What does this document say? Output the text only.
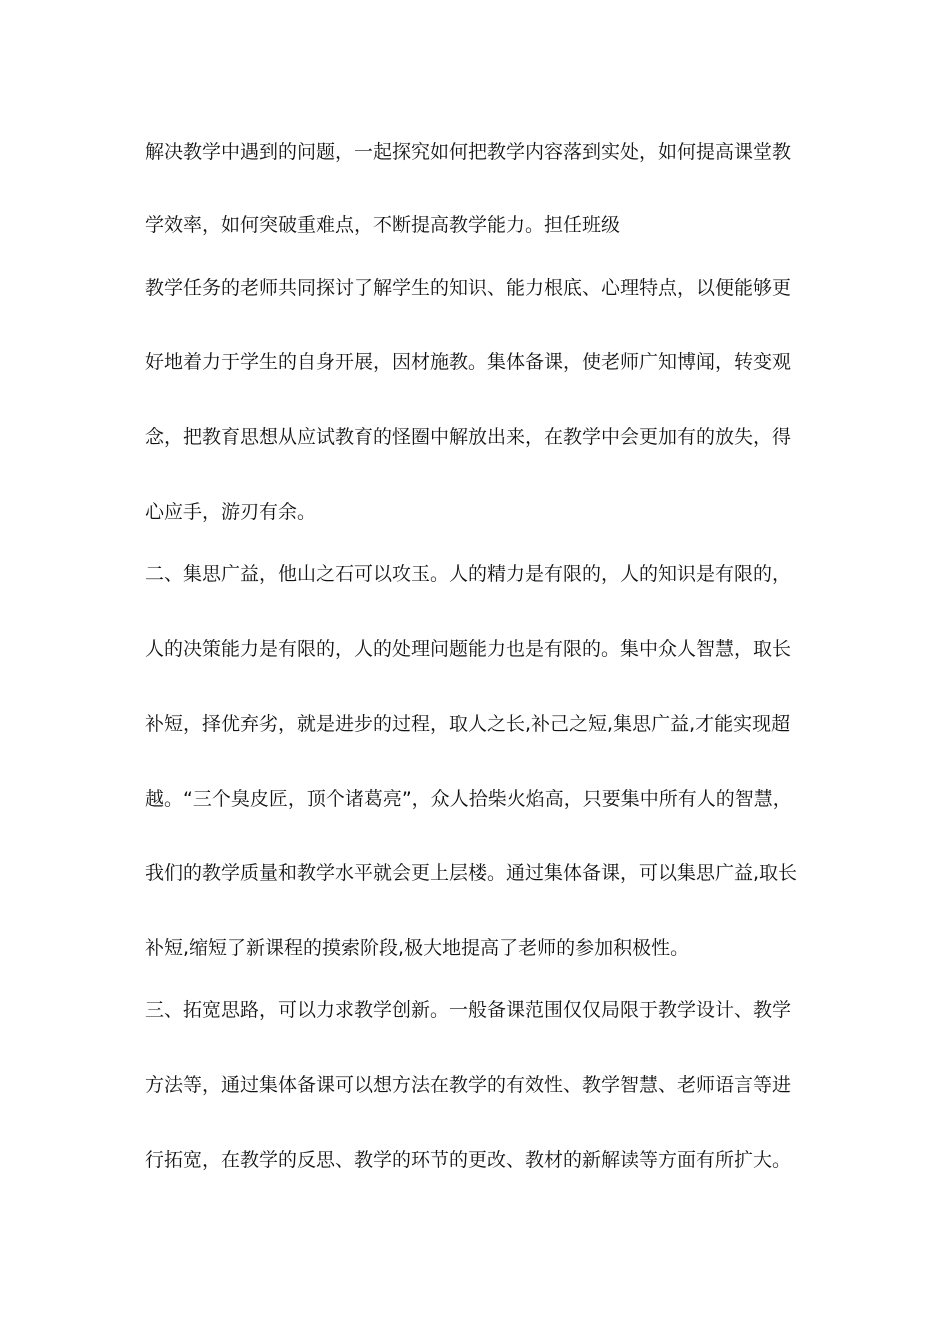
解决教学中遇到的问题，一起探究如何把教学内容落到实处，如何提高课堂教

学效率，如何突破重难点，不断提高教学能力。担任班级

教学任务的老师共同探讨了解学生的知识、能力根底、心理特点，以便能够更

好地着力于学生的自身开展，因材施教。集体备课，使老师广知博闻，转变观

念，把教育思想从应试教育的怪圈中解放出来，在教学中会更加有的放失，得

心应手，游刃有余。

二、集思广益，他山之石可以攻玉。人的精力是有限的，人的知识是有限的，

人的决策能力是有限的，人的处理问题能力也是有限的。集中众人智慧，取长

补短，择优弃劣，就是进步的过程，取人之长,补己之短,集思广益,才能实现超

越。“三个臭皮匠，顶个诸葛亮”，众人拾柴火焰高，只要集中所有人的智慧，

我们的教学质量和教学水平就会更上层楼。通过集体备课，可以集思广益,取长

补短,缩短了新课程的摸索阶段,极大地提高了老师的参加积极性。

三、拓宽思路，可以力求教学创新。一般备课范围仅仅局限于教学设计、教学

方法等，通过集体备课可以想方法在教学的有效性、教学智慧、老师语言等进

行拓宽，在教学的反思、教学的环节的更改、教材的新解读等方面有所扩大。
